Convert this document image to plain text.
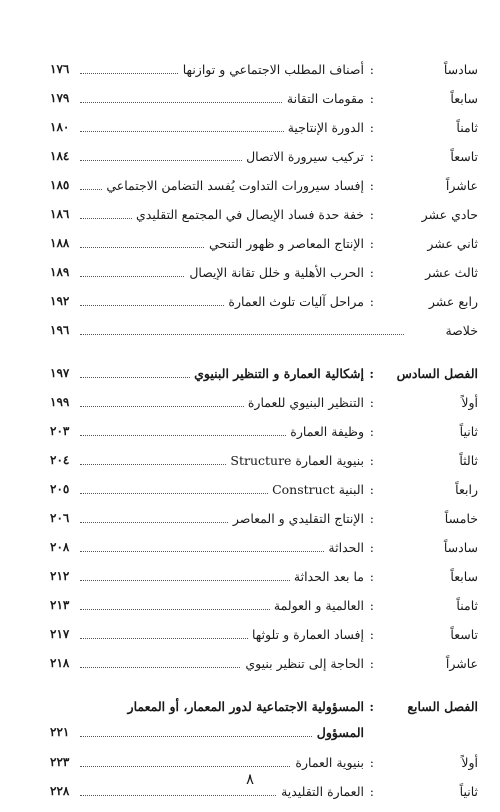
سادساً
:
أصناف المطلب الاجتماعي و توازنها
١٧٦
سابعاً
:
مقومات التقانة
١٧٩
ثامناً
:
الدورة الإنتاجية
١٨٠
تاسعاً
:
تركيب سيرورة الاتصال
١٨٤
عاشراً
:
إفساد سيرورات التداوت يُفسد التضامن الاجتماعي
١٨٥
حادي عشر
:
خفة حدة فساد الإيصال في المجتمع التقليدي
١٨٦
ثاني عشر
:
الإنتاج المعاصر و ظهور التنحي
١٨٨
ثالث عشر
:
الحرب الأهلية و خلل تقانة الإيصال
١٨٩
رابع عشر
:
مراحل آليات تلوث العمارة
١٩٢
خلاصة
١٩٦
الفصل السادس
:
إشكالية العمارة و التنظير البنيوي
١٩٧
أولاً
:
التنظير البنيوي للعمارة
١٩٩
ثانياً
:
وظيفة العمارة
٢٠٣
ثالثاً
:
بنيوية العمارة Structure
٢٠٤
رابعاً
:
البنية Construct
٢٠٥
خامساً
:
الإنتاج التقليدي و المعاصر
٢٠٦
سادساً
:
الحداثة
٢٠٨
سابعاً
:
ما بعد الحداثة
٢١٢
ثامناً
:
العالمية و العولمة
٢١٣
تاسعاً
:
إفساد العمارة و تلوثها
٢١٧
عاشراً
:
الحاجة إلى تنظير بنيوي
٢١٨
الفصل السابع
:
المسؤولية الاجتماعية لدور المعمار، أو المعمار
المسؤول
٢٢١
أولاً
:
بنيوية العمارة
٢٢٣
ثانياً
:
العمارة التقليدية
٢٢٨
٨
